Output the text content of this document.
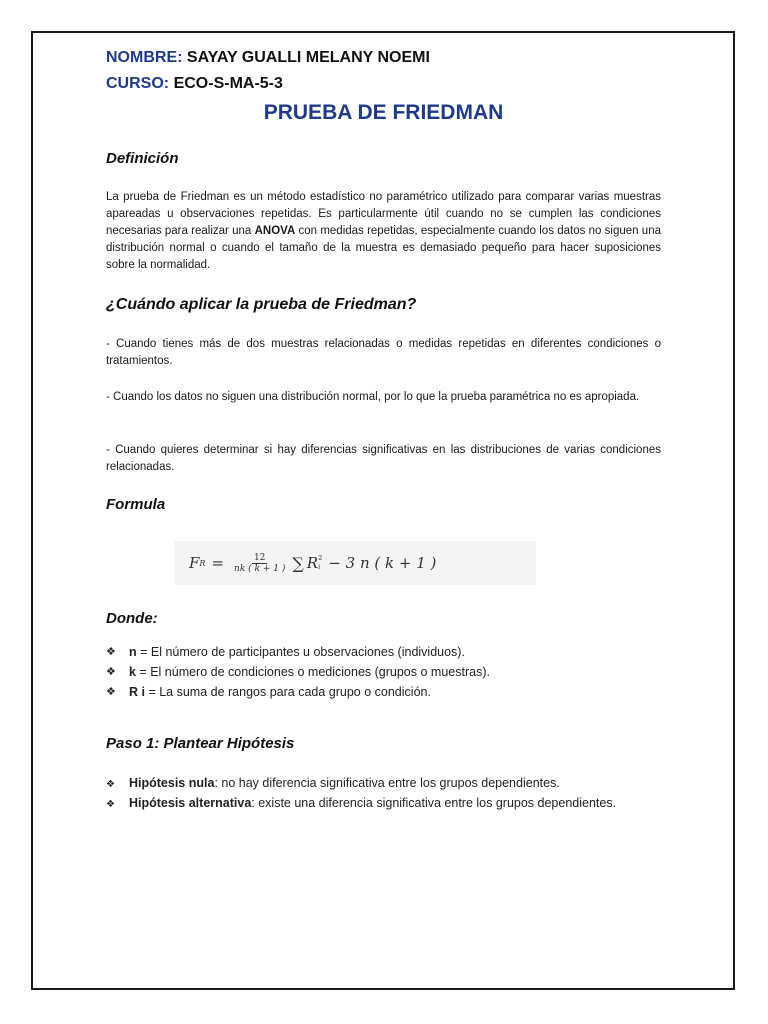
NOMBRE: SAYAY GUALLI MELANY NOEMI
CURSO: ECO-S-MA-5-3
PRUEBA DE FRIEDMAN
Definición
La prueba de Friedman es un método estadístico no paramétrico utilizado para comparar varias muestras apareadas u observaciones repetidas. Es particularmente útil cuando no se cumplen las condiciones necesarias para realizar una ANOVA con medidas repetidas, especialmente cuando los datos no siguen una distribución normal o cuando el tamaño de la muestra es demasiado pequeño para hacer suposiciones sobre la normalidad.
¿Cuándo aplicar la prueba de Friedman?
- Cuando tienes más de dos muestras relacionadas o medidas repetidas en diferentes condiciones o tratamientos.
- Cuando los datos no siguen una distribución normal, por lo que la prueba paramétrica no es apropiada.
- Cuando quieres determinar si hay diferencias significativas en las distribuciones de varias condiciones relacionadas.
Formula
F $R = \frac{12}{nk ( k + 1 )}$ ∑ R 2
i − 3 n ( k + 1 )
Donde:
❖	n = El número de participantes u observaciones (individuos).
❖	k = El número de condiciones o mediciones (grupos o muestras).
❖	R i = La suma de rangos para cada grupo o condición.
Paso 1: Plantear Hipótesis
❖	Hipótesis nula: no hay diferencia significativa entre los grupos dependientes.
❖	Hipótesis alternativa: existe una diferencia significativa entre los grupos dependientes.
